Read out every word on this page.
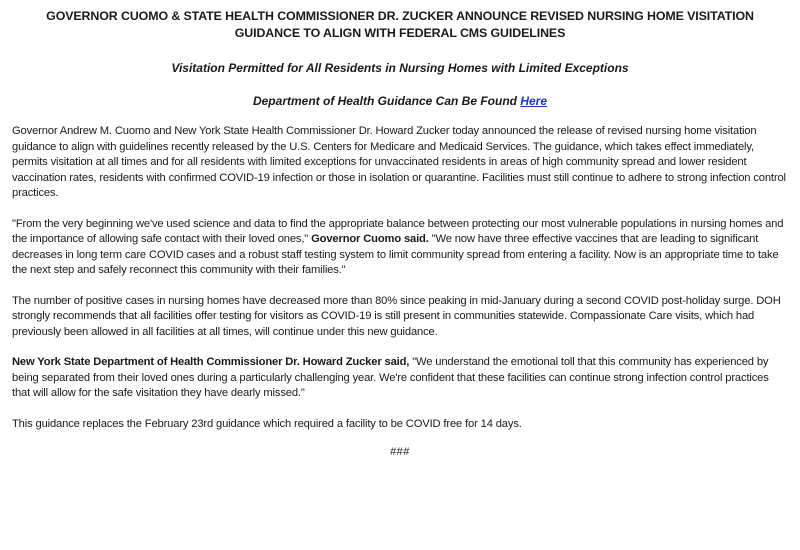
GOVERNOR CUOMO & STATE HEALTH COMMISSIONER DR. ZUCKER ANNOUNCE REVISED NURSING HOME VISITATION GUIDANCE TO ALIGN WITH FEDERAL CMS GUIDELINES

Visitation Permitted for All Residents in Nursing Homes with Limited Exceptions

Department of Health Guidance Can Be Found Here

Governor Andrew M. Cuomo and New York State Health Commissioner Dr. Howard Zucker today announced the release of revised nursing home visitation guidance to align with guidelines recently released by the U.S. Centers for Medicare and Medicaid Services. The guidance, which takes effect immediately, permits visitation at all times and for all residents with limited exceptions for unvaccinated residents in areas of high community spread and lower resident vaccination rates, residents with confirmed COVID-19 infection or those in isolation or quarantine. Facilities must still continue to adhere to strong infection control practices.

"From the very beginning we've used science and data to find the appropriate balance between protecting our most vulnerable populations in nursing homes and the importance of allowing safe contact with their loved ones," Governor Cuomo said. "We now have three effective vaccines that are leading to significant decreases in long term care COVID cases and a robust staff testing system to limit community spread from entering a facility. Now is an appropriate time to take the next step and safely reconnect this community with their families."

The number of positive cases in nursing homes have decreased more than 80% since peaking in mid-January during a second COVID post-holiday surge. DOH strongly recommends that all facilities offer testing for visitors as COVID-19 is still present in communities statewide. Compassionate Care visits, which had previously been allowed in all facilities at all times, will continue under this new guidance.

New York State Department of Health Commissioner Dr. Howard Zucker said, "We understand the emotional toll that this community has experienced by being separated from their loved ones during a particularly challenging year. We're confident that these facilities can continue strong infection control practices that will allow for the safe visitation they have dearly missed."

This guidance replaces the February 23rd guidance which required a facility to be COVID free for 14 days.

###
